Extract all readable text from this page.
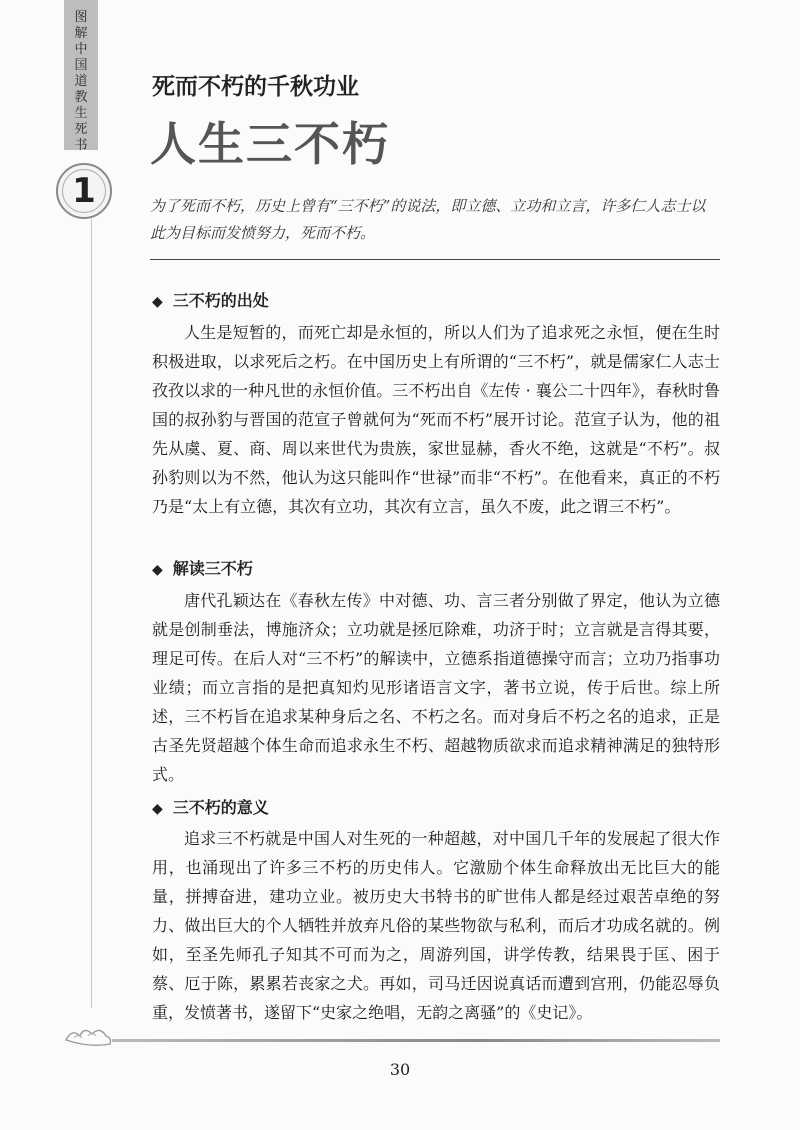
图解中国道教生死书
1
死而不朽的千秋功业
人生三不朽
为了死而不朽，历史上曾有“三不朽”的说法，即立德、立功和立言，许多仁人志士以此为目标而发愤努力，死而不朽。
◆ 三不朽的出处
人生是短暂的，而死亡却是永恒的，所以人们为了追求死之永恒，便在生时积极进取，以求死后之朽。在中国历史上有所谓的“三不朽”，就是儒家仁人志士孜孜以求的一种凡世的永恒价值。三不朽出自《左传 · 襄公二十四年》，春秋时鲁国的叔孙豹与晋国的范宣子曾就何为“死而不朽”展开讨论。范宣子认为，他的祖先从虞、夏、商、周以来世代为贵族，家世显赫，香火不绝，这就是“不朽”。叔孙豹则以为不然，他认为这只能叫作“世禄”而非“不朽”。在他看来，真正的不朽乃是“太上有立德，其次有立功，其次有立言，虽久不废，此之谓三不朽”。
◆ 解读三不朽
唐代孔颖达在《春秋左传》中对德、功、言三者分别做了界定，他认为立德就是创制垂法，博施济众；立功就是拯厄除难，功济于时；立言就是言得其要，理足可传。在后人对“三不朽”的解读中，立德系指道德操守而言；立功乃指事功业绩；而立言指的是把真知灼见形诸语言文字，著书立说，传于后世。综上所述，三不朽旨在追求某种身后之名、不朽之名。而对身后不朽之名的追求，正是古圣先贤超越个体生命而追求永生不朽、超越物质欲求而追求精神满足的独特形式。
◆ 三不朽的意义
追求三不朽就是中国人对生死的一种超越，对中国几千年的发展起了很大作用，也涌现出了许多三不朽的历史伟人。它激励个体生命释放出无比巨大的能量，拼搏奋进，建功立业。被历史大书特书的旷世伟人都是经过艰苦卓绝的努力、做出巨大的个人牺牲并放弃凡俗的某些物欲与私利，而后才功成名就的。例如，至圣先师孔子知其不可而为之，周游列国，讲学传教，结果畏于匡、困于蔡、厄于陈，累累若丧家之犬。再如，司马迁因说真话而遭到宫刑，仍能忍辱负重，发愤著书，遂留下“史家之绝唱，无韵之离骚”的《史记》。
30
